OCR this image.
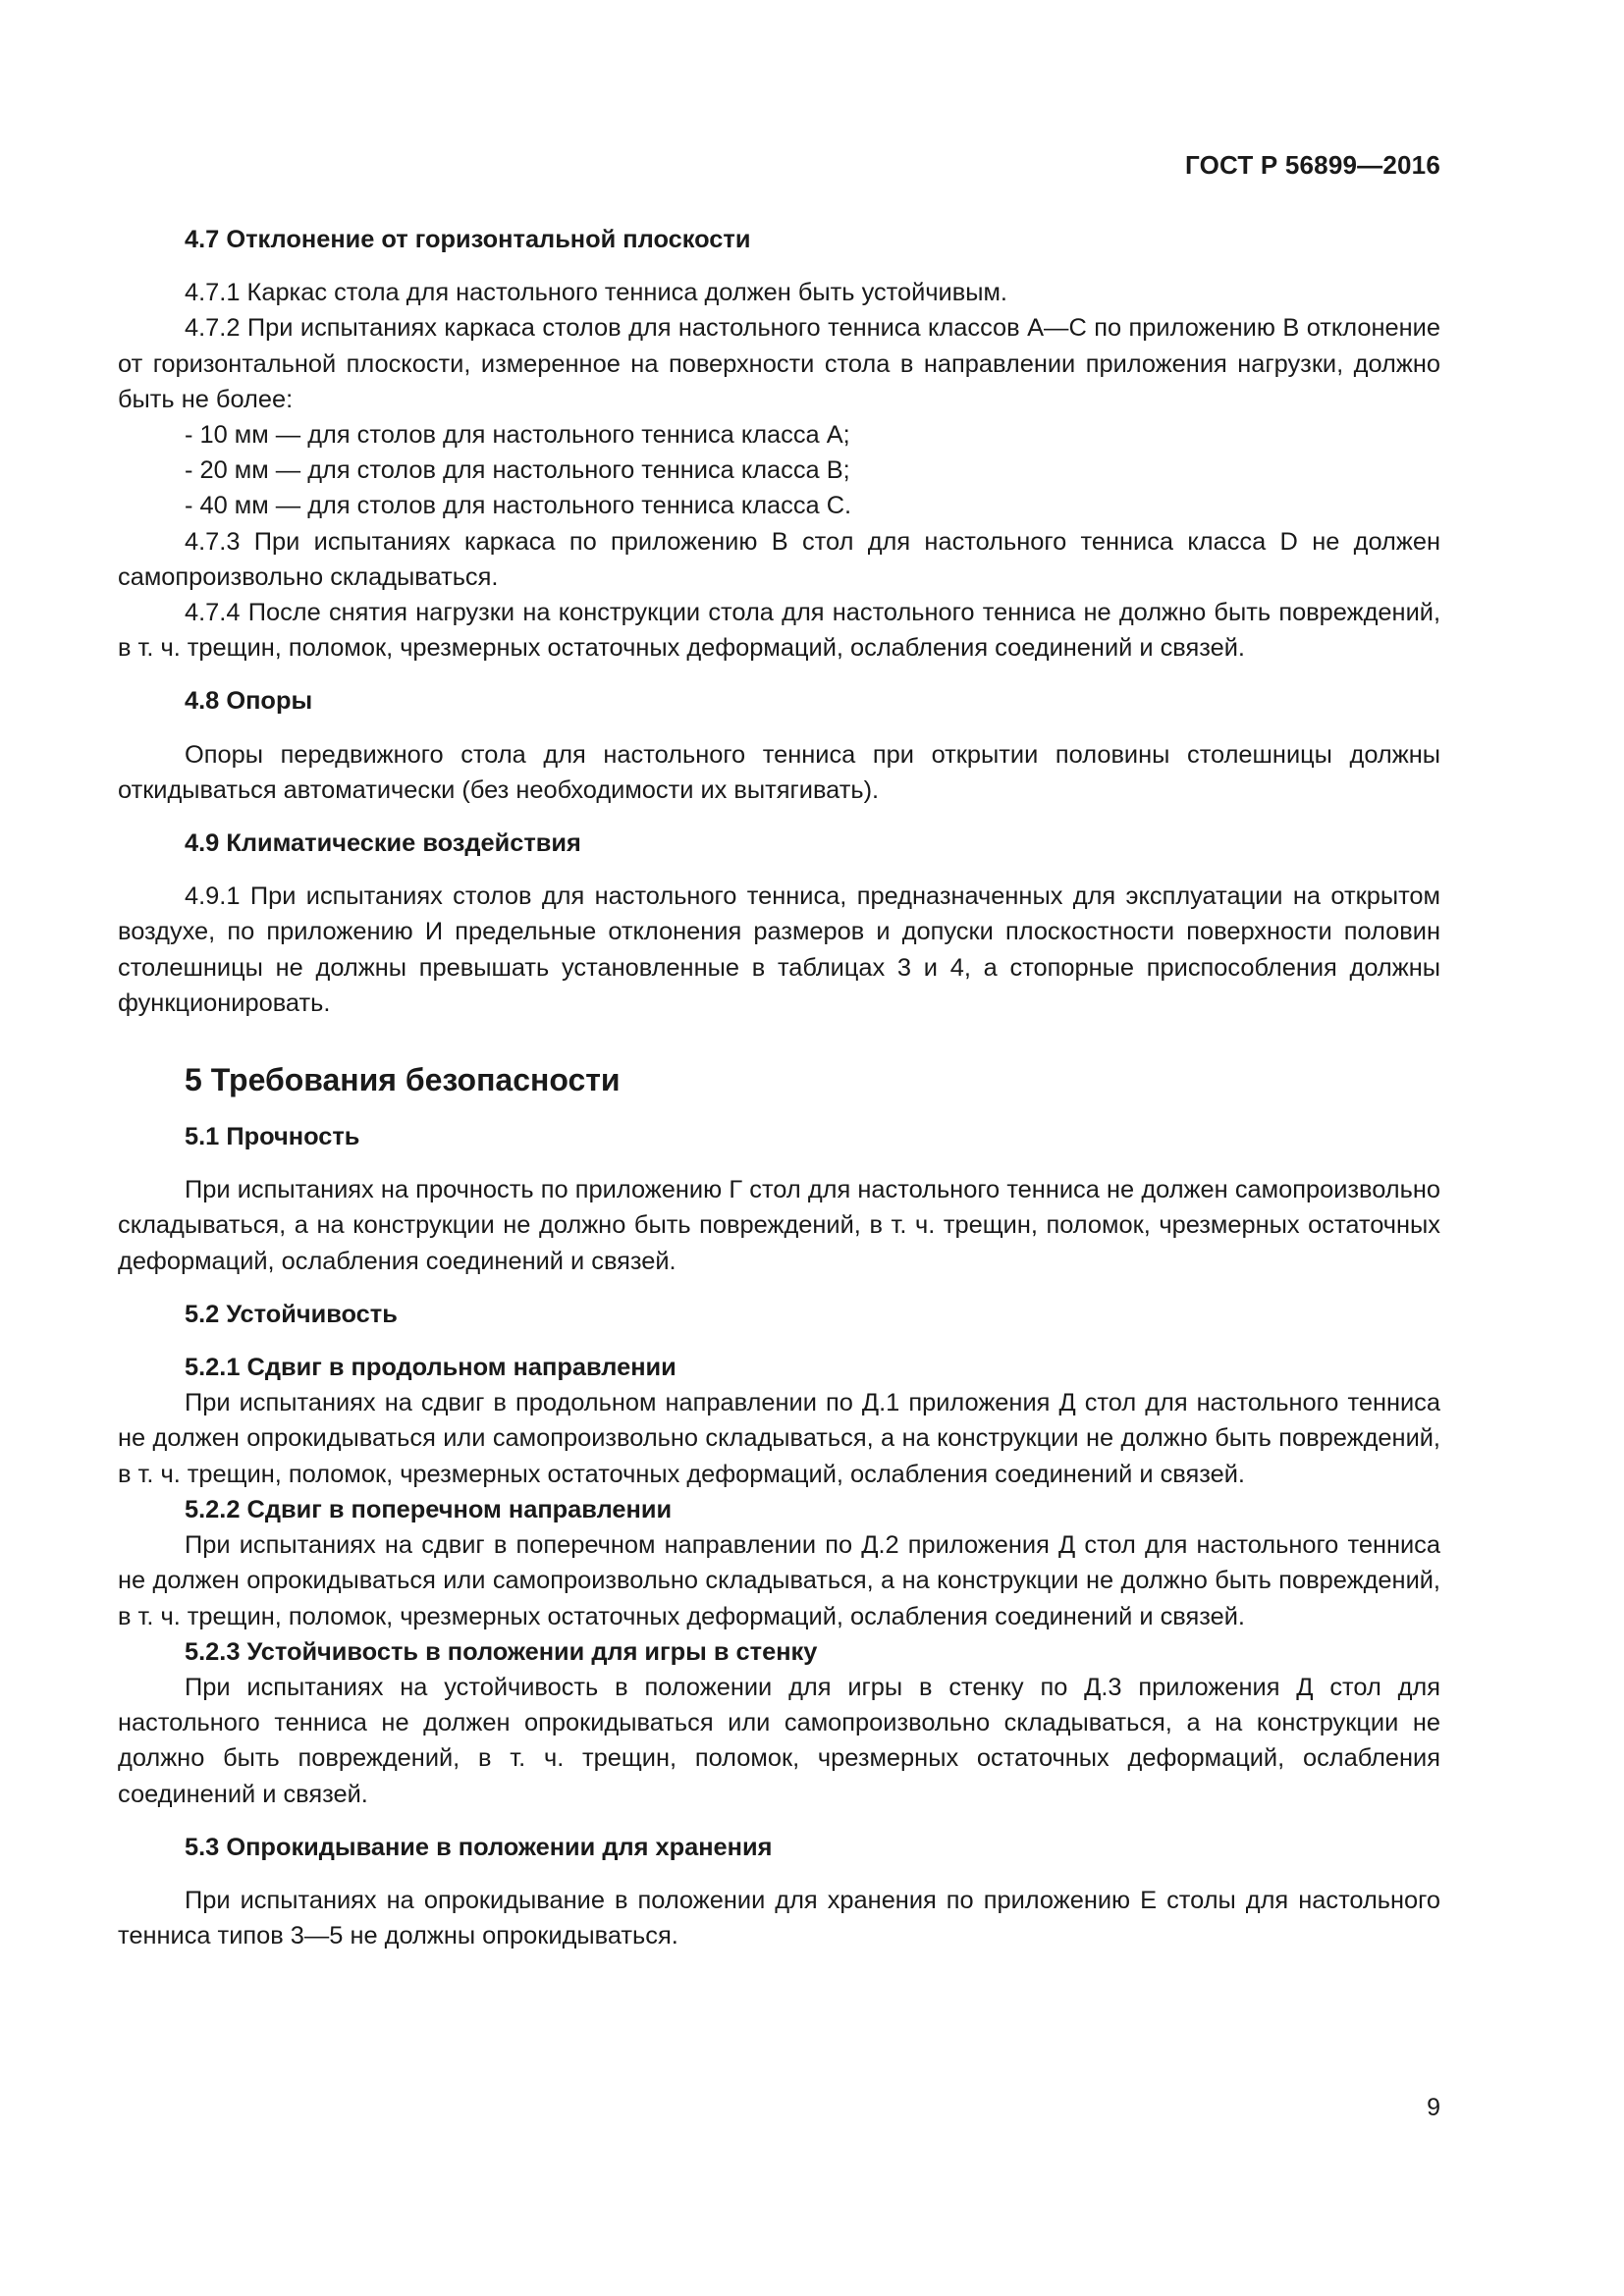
ГОСТ Р 56899—2016
4.7 Отклонение от горизонтальной плоскости
4.7.1 Каркас стола для настольного тенниса должен быть устойчивым.
4.7.2 При испытаниях каркаса столов для настольного тенниса классов А—С по приложению В отклонение от горизонтальной плоскости, измеренное на поверхности стола в направлении приложения нагрузки, должно быть не более:
- 10 мм — для столов для настольного тенниса класса А;
- 20 мм — для столов для настольного тенниса класса В;
- 40 мм — для столов для настольного тенниса класса С.
4.7.3 При испытаниях каркаса по приложению В стол для настольного тенниса класса D не должен самопроизвольно складываться.
4.7.4 После снятия нагрузки на конструкции стола для настольного тенниса не должно быть повреждений, в т. ч. трещин, поломок, чрезмерных остаточных деформаций, ослабления соединений и связей.
4.8 Опоры
Опоры передвижного стола для настольного тенниса при открытии половины столешницы должны откидываться автоматически (без необходимости их вытягивать).
4.9 Климатические воздействия
4.9.1 При испытаниях столов для настольного тенниса, предназначенных для эксплуатации на открытом воздухе, по приложению И предельные отклонения размеров и допуски плоскостности поверхности половин столешницы не должны превышать установленные в таблицах 3 и 4, а стопорные приспособления должны функционировать.
5 Требования безопасности
5.1 Прочность
При испытаниях на прочность по приложению Г стол для настольного тенниса не должен самопроизвольно складываться, а на конструкции не должно быть повреждений, в т. ч. трещин, поломок, чрезмерных остаточных деформаций, ослабления соединений и связей.
5.2 Устойчивость
5.2.1 Сдвиг в продольном направлении
При испытаниях на сдвиг в продольном направлении по Д.1 приложения Д стол для настольного тенниса не должен опрокидываться или самопроизвольно складываться, а на конструкции не должно быть повреждений, в т. ч. трещин, поломок, чрезмерных остаточных деформаций, ослабления соединений и связей.
5.2.2 Сдвиг в поперечном направлении
При испытаниях на сдвиг в поперечном направлении по Д.2 приложения Д стол для настольного тенниса не должен опрокидываться или самопроизвольно складываться, а на конструкции не должно быть повреждений, в т. ч. трещин, поломок, чрезмерных остаточных деформаций, ослабления соединений и связей.
5.2.3 Устойчивость в положении для игры в стенку
При испытаниях на устойчивость в положении для игры в стенку по Д.3 приложения Д стол для настольного тенниса не должен опрокидываться или самопроизвольно складываться, а на конструкции не должно быть повреждений, в т. ч. трещин, поломок, чрезмерных остаточных деформаций, ослабления соединений и связей.
5.3 Опрокидывание в положении для хранения
При испытаниях на опрокидывание в положении для хранения по приложению Е столы для настольного тенниса типов 3—5 не должны опрокидываться.
9
